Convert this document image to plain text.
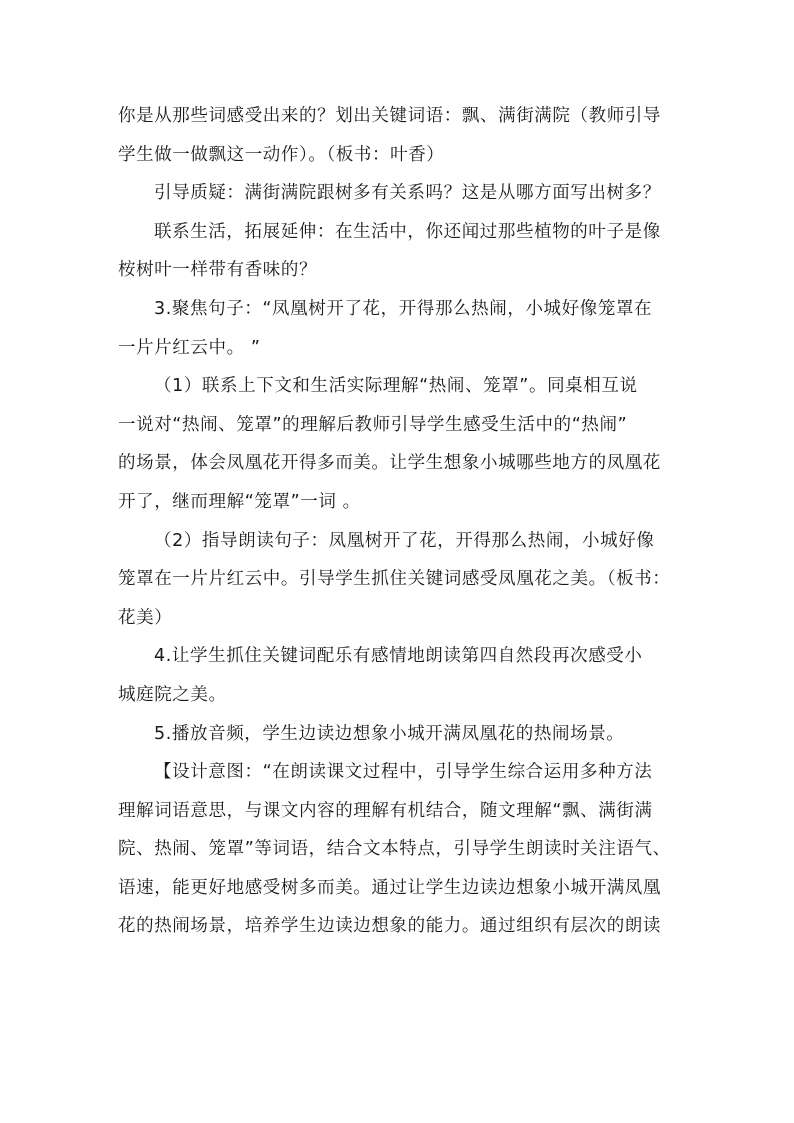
你是从那些词感受出来的？划出关键词语：飘、满街满院（教师引导
学生做一做飘这一动作）。（板书：叶香）
引导质疑：满街满院跟树多有关系吗？这是从哪方面写出树多？
联系生活，拓展延伸：在生活中，你还闻过那些植物的叶子是像
桉树叶一样带有香味的？
3.聚焦句子：“凤凰树开了花，开得那么热闹，小城好像笼罩在
一片片红云中。 ”
（1）联系上下文和生活实际理解“热闹、笼罩”。同桌相互说
一说对“热闹、笼罩”的理解后教师引导学生感受生活中的“热闹”
的场景，体会凤凰花开得多而美。让学生想象小城哪些地方的凤凰花
开了，继而理解“笼罩”一词 。
（2）指导朗读句子：凤凰树开了花，开得那么热闹，小城好像
笼罩在一片片红云中。引导学生抓住关键词感受凤凰花之美。（板书：
花美）
4.让学生抓住关键词配乐有感情地朗读第四自然段再次感受小
城庭院之美。
5.播放音频，学生边读边想象小城开满凤凰花的热闹场景。
【设计意图：“在朗读课文过程中，引导学生综合运用多种方法
理解词语意思，与课文内容的理解有机结合，随文理解“飘、满街满
院、热闹、笼罩”等词语，结合文本特点，引导学生朗读时关注语气、
语速，能更好地感受树多而美。通过让学生边读边想象小城开满凤凰
花的热闹场景，培养学生边读边想象的能力。通过组织有层次的朗读
